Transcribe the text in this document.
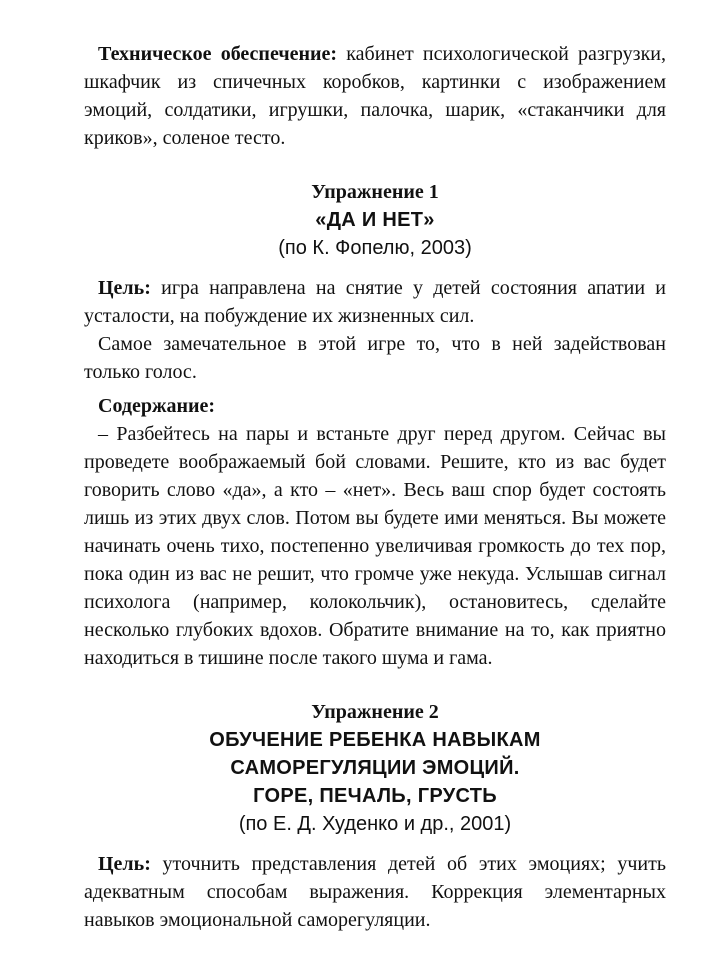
Техническое обеспечение: кабинет психологической разгрузки, шкафчик из спичечных коробков, картинки с изображением эмоций, солдатики, игрушки, палочка, шарик, «стаканчики для криков», соленое тесто.

Упражнение 1
«ДА И НЕТ»
(по К. Фопелю, 2003)

Цель: игра направлена на снятие у детей состояния апатии и усталости, на побуждение их жизненных сил.

Самое замечательное в этой игре то, что в ней задействован только голос.

Содержание:

– Разбейтесь на пары и встаньте друг перед другом. Сейчас вы проведете воображаемый бой словами. Решите, кто из вас будет говорить слово «да», а кто – «нет». Весь ваш спор будет состоять лишь из этих двух слов. Потом вы будете ими меняться. Вы можете начинать очень тихо, постепенно увеличивая громкость до тех пор, пока один из вас не решит, что громче уже некуда. Услышав сигнал психолога (например, колокольчик), остановитесь, сделайте несколько глубоких вдохов. Обратите внимание на то, как приятно находиться в тишине после такого шума и гама.

Упражнение 2
ОБУЧЕНИЕ РЕБЕНКА НАВЫКАМ
САМОРЕГУЛЯЦИИ ЭМОЦИЙ.
ГОРЕ, ПЕЧАЛЬ, ГРУСТЬ
(по Е. Д. Худенко и др., 2001)

Цель: уточнить представления детей об этих эмоциях; учить адекватным способам выражения. Коррекция элементарных навыков эмоциональной саморегуляции.
